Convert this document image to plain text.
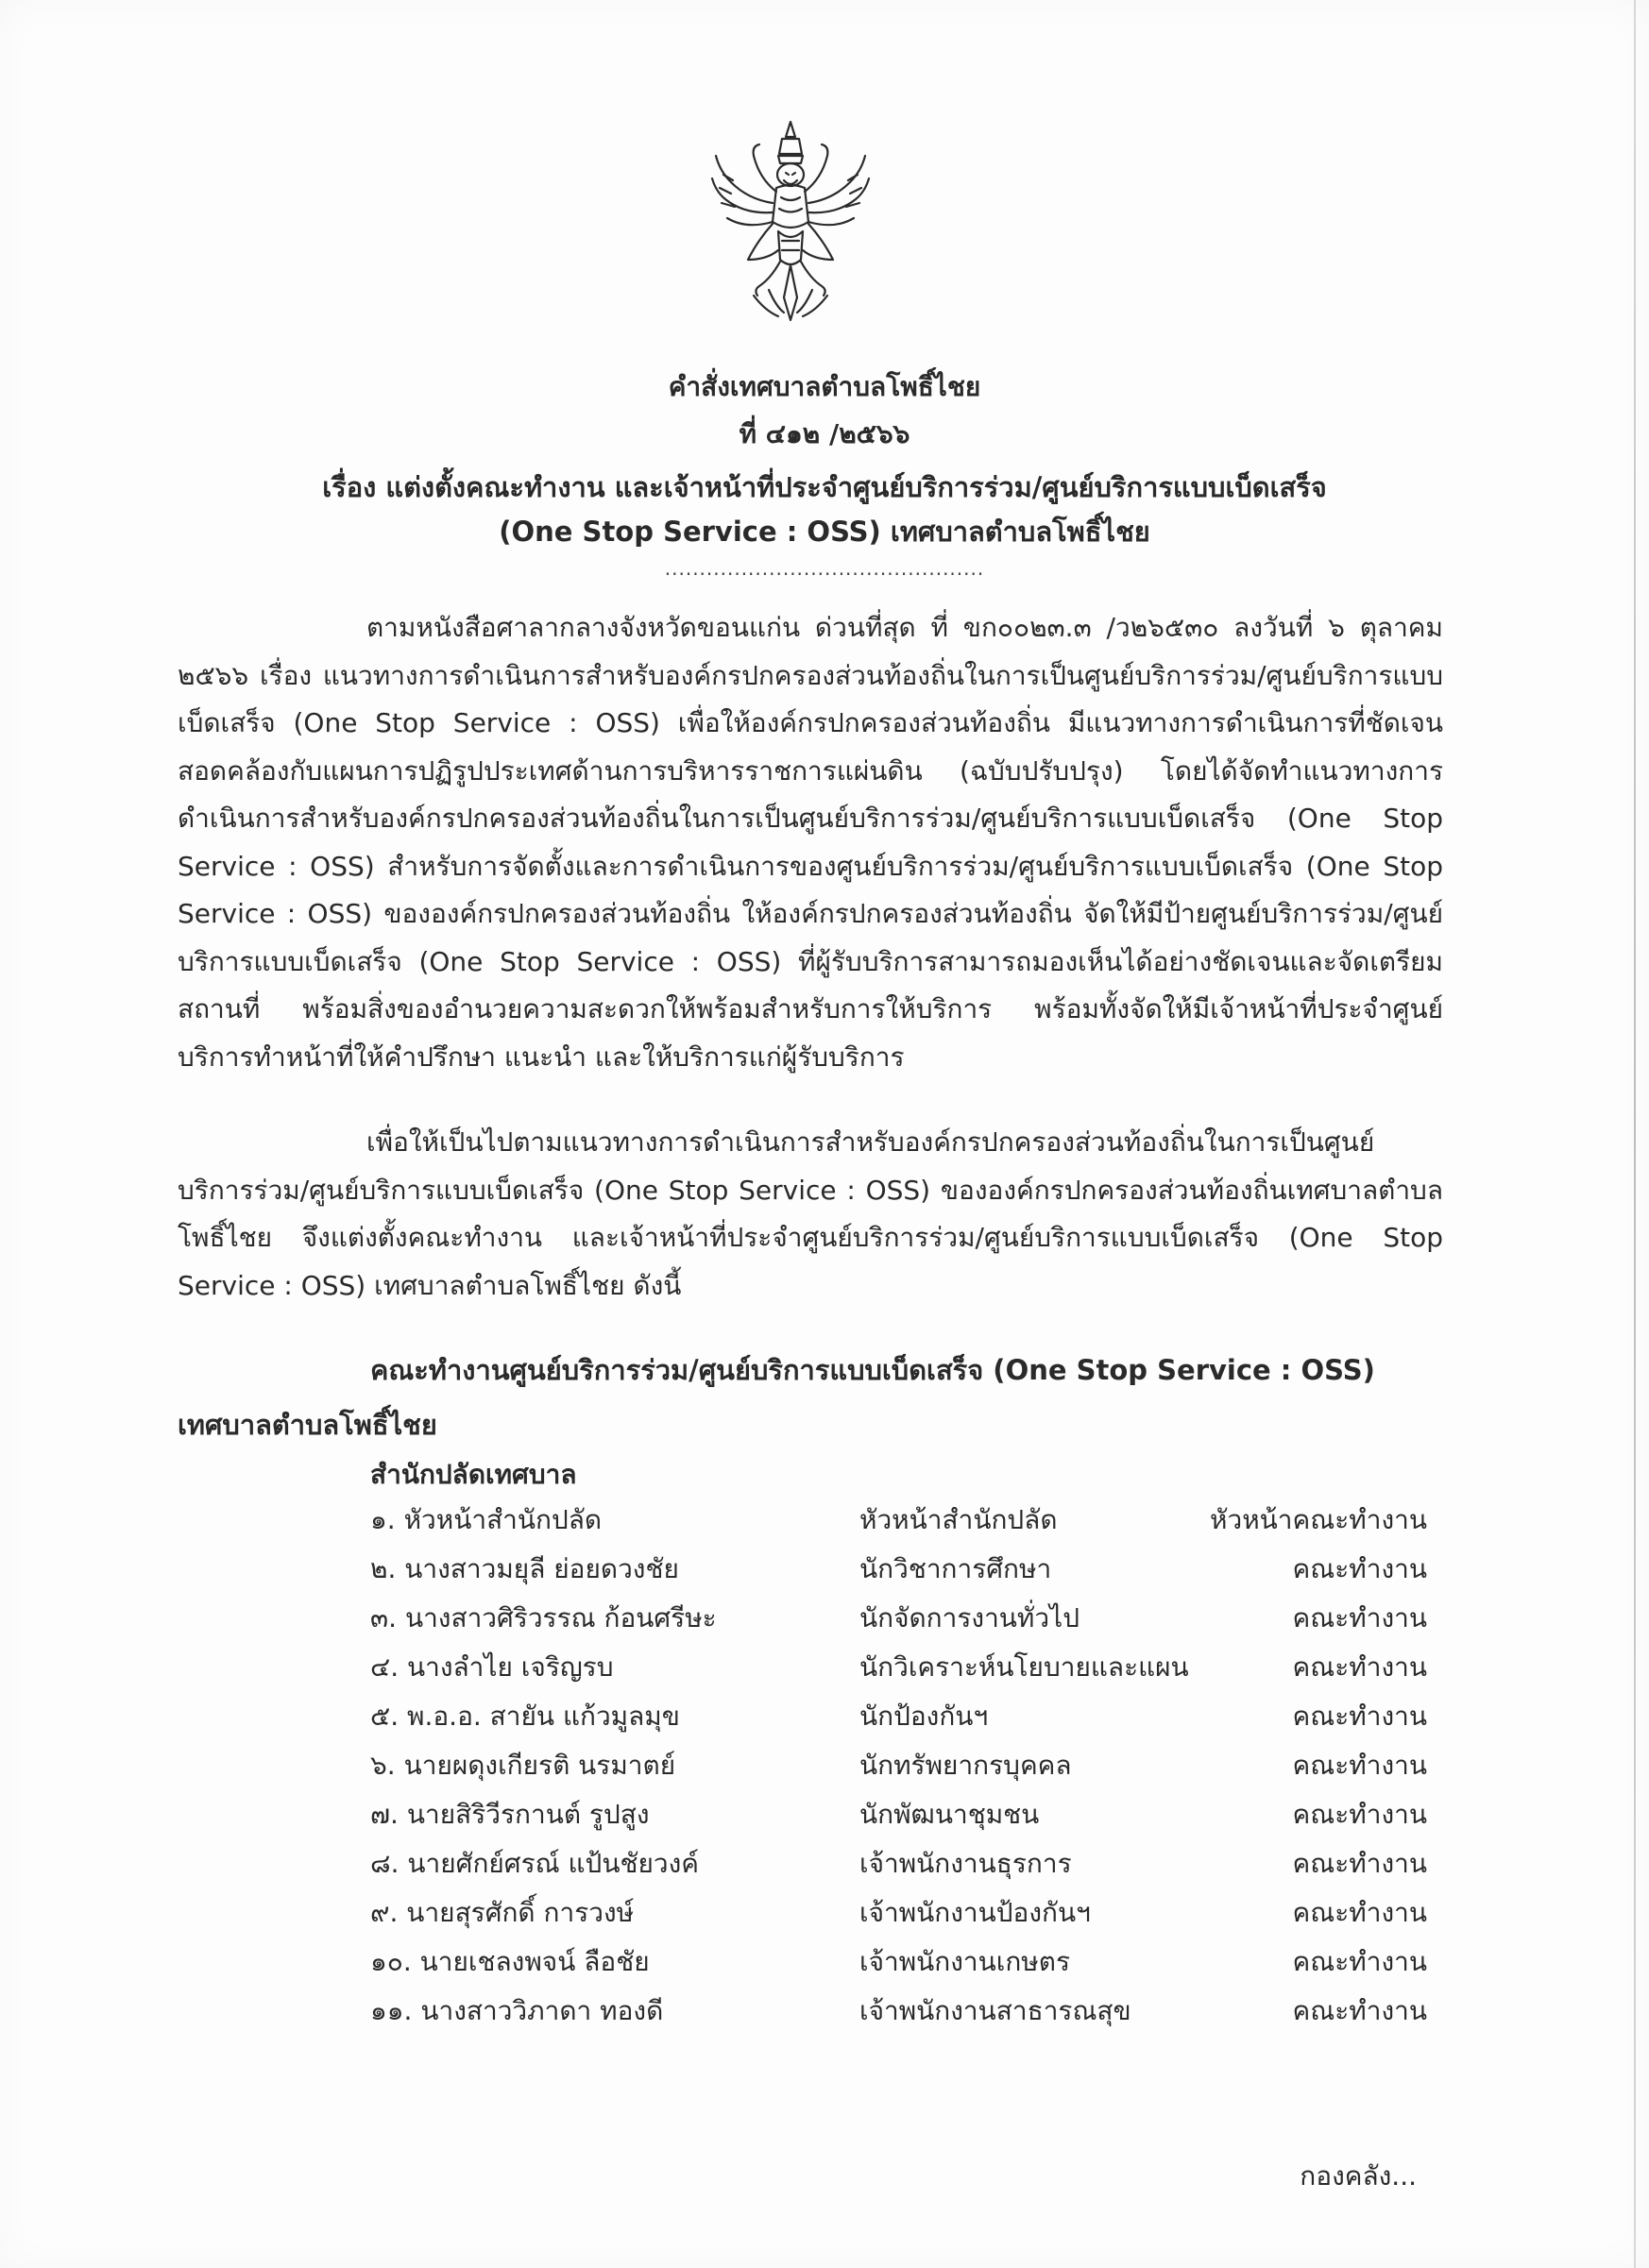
คำสั่งเทศบาลตำบลโพธิ์ไชย
ที่ ๔๑๒ /๒๕๖๖
เรื่อง แต่งตั้งคณะทำงาน และเจ้าหน้าที่ประจำศูนย์บริการร่วม/ศูนย์บริการแบบเบ็ดเสร็จ
(One Stop Service : OSS) เทศบาลตำบลโพธิ์ไชย
..............................................
ตามหนังสือศาลากลางจังหวัดขอนแก่น ด่วนที่สุด ที่ ขก๐๐๒๓.๓ /ว๒๖๕๓๐ ลงวันที่ ๖ ตุลาคม ๒๕๖๖ เรื่อง แนวทางการดำเนินการสำหรับองค์กรปกครองส่วนท้องถิ่นในการเป็นศูนย์บริการร่วม/ศูนย์บริการแบบเบ็ดเสร็จ (One Stop Service : OSS) เพื่อให้องค์กรปกครองส่วนท้องถิ่น มีแนวทางการดำเนินการที่ชัดเจน สอดคล้องกับแผนการปฏิรูปประเทศด้านการบริหารราชการแผ่นดิน (ฉบับปรับปรุง) โดยได้จัดทำแนวทางการดำเนินการสำหรับองค์กรปกครองส่วนท้องถิ่นในการเป็นศูนย์บริการร่วม/ศูนย์บริการแบบเบ็ดเสร็จ (One Stop Service : OSS) สำหรับการจัดตั้งและการดำเนินการของศูนย์บริการร่วม/ศูนย์บริการแบบเบ็ดเสร็จ (One Stop Service : OSS) ขององค์กรปกครองส่วนท้องถิ่น ให้องค์กรปกครองส่วนท้องถิ่น จัดให้มีป้ายศูนย์บริการร่วม/ศูนย์บริการแบบเบ็ดเสร็จ (One Stop Service : OSS) ที่ผู้รับบริการสามารถมองเห็นได้อย่างชัดเจนและจัดเตรียมสถานที่ พร้อมสิ่งของอำนวยความสะดวกให้พร้อมสำหรับการให้บริการ พร้อมทั้งจัดให้มีเจ้าหน้าที่ประจำศูนย์บริการทำหน้าที่ให้คำปรึกษา แนะนำ และให้บริการแก่ผู้รับบริการ
เพื่อให้เป็นไปตามแนวทางการดำเนินการสำหรับองค์กรปกครองส่วนท้องถิ่นในการเป็นศูนย์บริการร่วม/ศูนย์บริการแบบเบ็ดเสร็จ (One Stop Service : OSS) ขององค์กรปกครองส่วนท้องถิ่นเทศบาลตำบลโพธิ์ไชย จึงแต่งตั้งคณะทำงาน และเจ้าหน้าที่ประจำศูนย์บริการร่วม/ศูนย์บริการแบบเบ็ดเสร็จ (One Stop Service : OSS) เทศบาลตำบลโพธิ์ไชย ดังนี้
คณะทำงานศูนย์บริการร่วม/ศูนย์บริการแบบเบ็ดเสร็จ (One Stop Service : OSS)
เทศบาลตำบลโพธิ์ไชย
สำนักปลัดเทศบาล
๑. หัวหน้าสำนักปลัด	หัวหน้าสำนักปลัด	หัวหน้าคณะทำงาน
๒. นางสาวมยุลี ย่อยดวงชัย	นักวิชาการศึกษา	คณะทำงาน
๓. นางสาวศิริวรรณ ก้อนศรีษะ	นักจัดการงานทั่วไป	คณะทำงาน
๔. นางลำไย เจริญรบ	นักวิเคราะห์นโยบายและแผน	คณะทำงาน
๕. พ.อ.อ. สายัน แก้วมูลมุข	นักป้องกันฯ	คณะทำงาน
๖. นายผดุงเกียรติ นรมาตย์	นักทรัพยากรบุคคล	คณะทำงาน
๗. นายสิริวีรกานต์ รูปสูง	นักพัฒนาชุมชน	คณะทำงาน
๘. นายศักย์ศรณ์ แป้นชัยวงค์	เจ้าพนักงานธุรการ	คณะทำงาน
๙. นายสุรศักดิ์ การวงษ์	เจ้าพนักงานป้องกันฯ	คณะทำงาน
๑๐. นายเชลงพจน์ ลือชัย	เจ้าพนักงานเกษตร	คณะทำงาน
๑๑. นางสาววิภาดา ทองดี	เจ้าพนักงานสาธารณสุข	คณะทำงาน
กองคลัง...
